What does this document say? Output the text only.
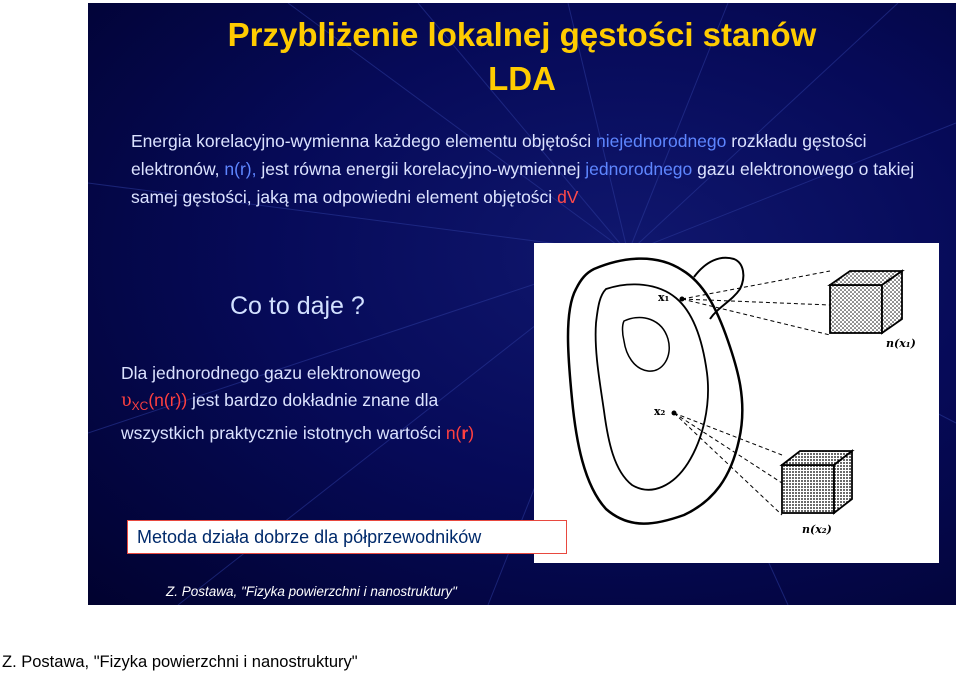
Przybliżenie lokalnej gęstości stanów
LDA

Energia korelacyjno-wymienna każdego elementu objętości niejednorodnego rozkładu gęstości elektronów, n(r), jest równa energii korelacyjno-wymiennej jednorodnego gazu elektronowego o takiej samej gęstości, jaką ma odpowiedni element objętości dV

Co to daje ?

Dla jednorodnego gazu elektronowego
$\upsilon_{XC}(n(r))$ jest bardzo dokładnie znane dla wszystkich praktycznie istotnych wartości n(r)

x₁
x₂
n(x₁)
n(x₂)
Metoda działa dobrze dla półprzewodników

Z. Postawa, "Fizyka powierzchni i nanostruktury"

Z. Postawa, "Fizyka powierzchni i nanostruktury"
